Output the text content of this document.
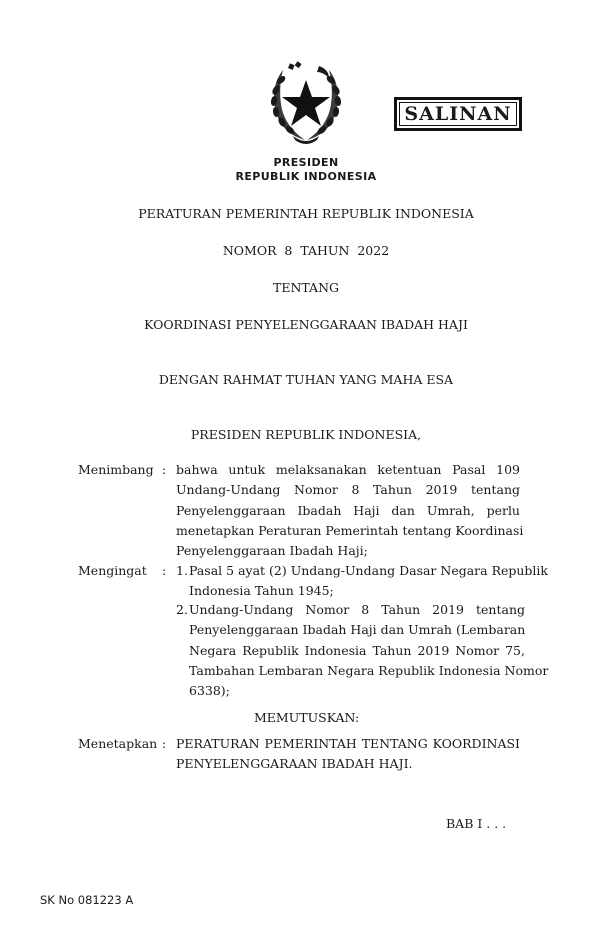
SALINAN
PRESIDEN
REPUBLIK INDONESIA
PERATURAN PEMERINTAH REPUBLIK INDONESIA
NOMOR  8  TAHUN  2022
TENTANG
KOORDINASI PENYELENGGARAAN IBADAH HAJI
DENGAN RAHMAT TUHAN YANG MAHA ESA
PRESIDEN REPUBLIK INDONESIA,
Menimbang : bahwa untuk melaksanakan ketentuan Pasal 109
Undang-Undang Nomor 8 Tahun 2019 tentang
Penyelenggaraan Ibadah Haji dan Umrah, perlu
menetapkan Peraturan Pemerintah tentang Koordinasi
Penyelenggaraan Ibadah Haji;
Mengingat : 1. Pasal 5 ayat (2) Undang-Undang Dasar Negara Republik
Indonesia Tahun 1945;
2. Undang-Undang Nomor 8 Tahun 2019 tentang
Penyelenggaraan Ibadah Haji dan Umrah (Lembaran
Negara Republik Indonesia Tahun 2019 Nomor 75,
Tambahan Lembaran Negara Republik Indonesia Nomor
6338);
MEMUTUSKAN:
Menetapkan : PERATURAN PEMERINTAH TENTANG KOORDINASI
PENYELENGGARAAN IBADAH HAJI.
BAB I . . .
SK No 081223 A
